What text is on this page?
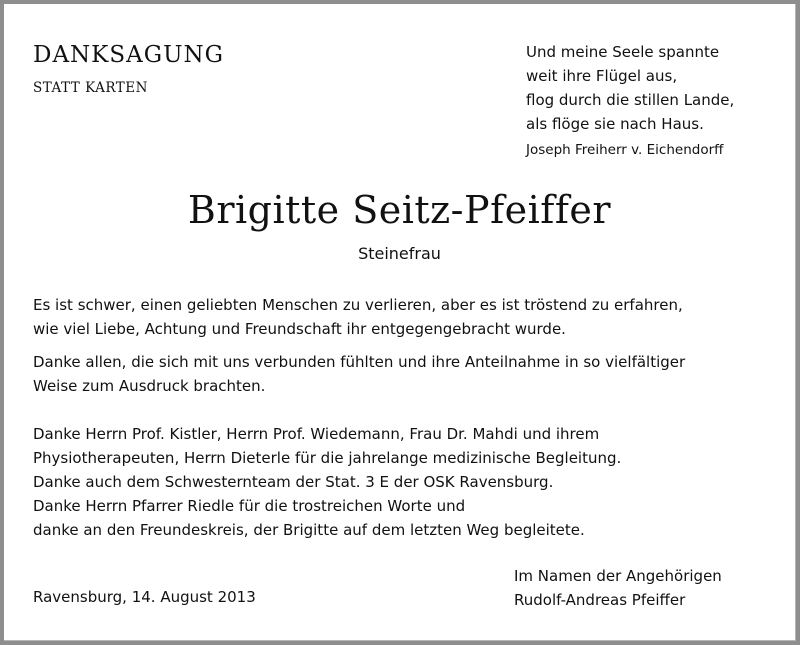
DANKSAGUNG
STATT KARTEN
Und meine Seele spannte
weit ihre Flügel aus,
flog durch die stillen Lande,
als flöge sie nach Haus.
Joseph Freiherr v. Eichendorff
Brigitte Seitz-Pfeiffer
Steinefrau
Es ist schwer, einen geliebten Menschen zu verlieren, aber es ist tröstend zu erfahren,
wie viel Liebe, Achtung und Freundschaft ihr entgegengebracht wurde.
Danke allen, die sich mit uns verbunden fühlten und ihre Anteilnahme in so vielfältiger
Weise zum Ausdruck brachten.
Danke Herrn Prof. Kistler, Herrn Prof. Wiedemann, Frau Dr. Mahdi und ihrem
Physiotherapeuten, Herrn Dieterle für die jahrelange medizinische Begleitung.
Danke auch dem Schwesternteam der Stat. 3 E der OSK Ravensburg.
Danke Herrn Pfarrer Riedle für die trostreichen Worte und
danke an den Freundeskreis, der Brigitte auf dem letzten Weg begleitete.
Ravensburg, 14. August 2013
Im Namen der Angehörigen
Rudolf-Andreas Pfeiffer
